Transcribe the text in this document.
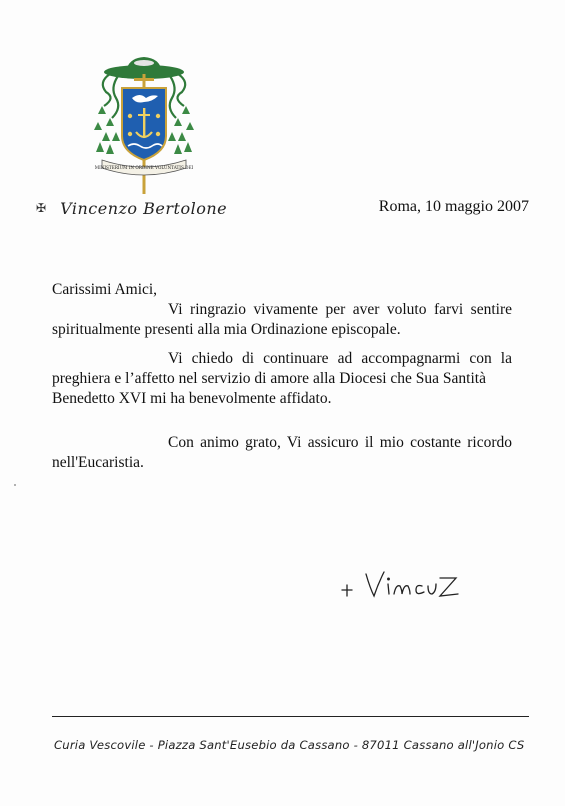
MINISTERIUM IN ORDINE VOLUNTATIS DEI
✠ Vincenzo Bertolone	Roma, 10 maggio 2007
Carissimi Amici,
Vi ringrazio vivamente per aver voluto farvi sentire
spiritualmente presenti alla mia Ordinazione episcopale.
Vi chiedo di continuare ad accompagnarmi con la
preghiera e l’affetto nel servizio di amore alla Diocesi che Sua Santità
Benedetto XVI mi ha benevolmente affidato.
Con animo grato, Vi assicuro il mio costante ricordo
nell'Eucaristia.
Curia Vescovile - Piazza Sant'Eusebio da Cassano - 87011 Cassano all'Jonio CS
